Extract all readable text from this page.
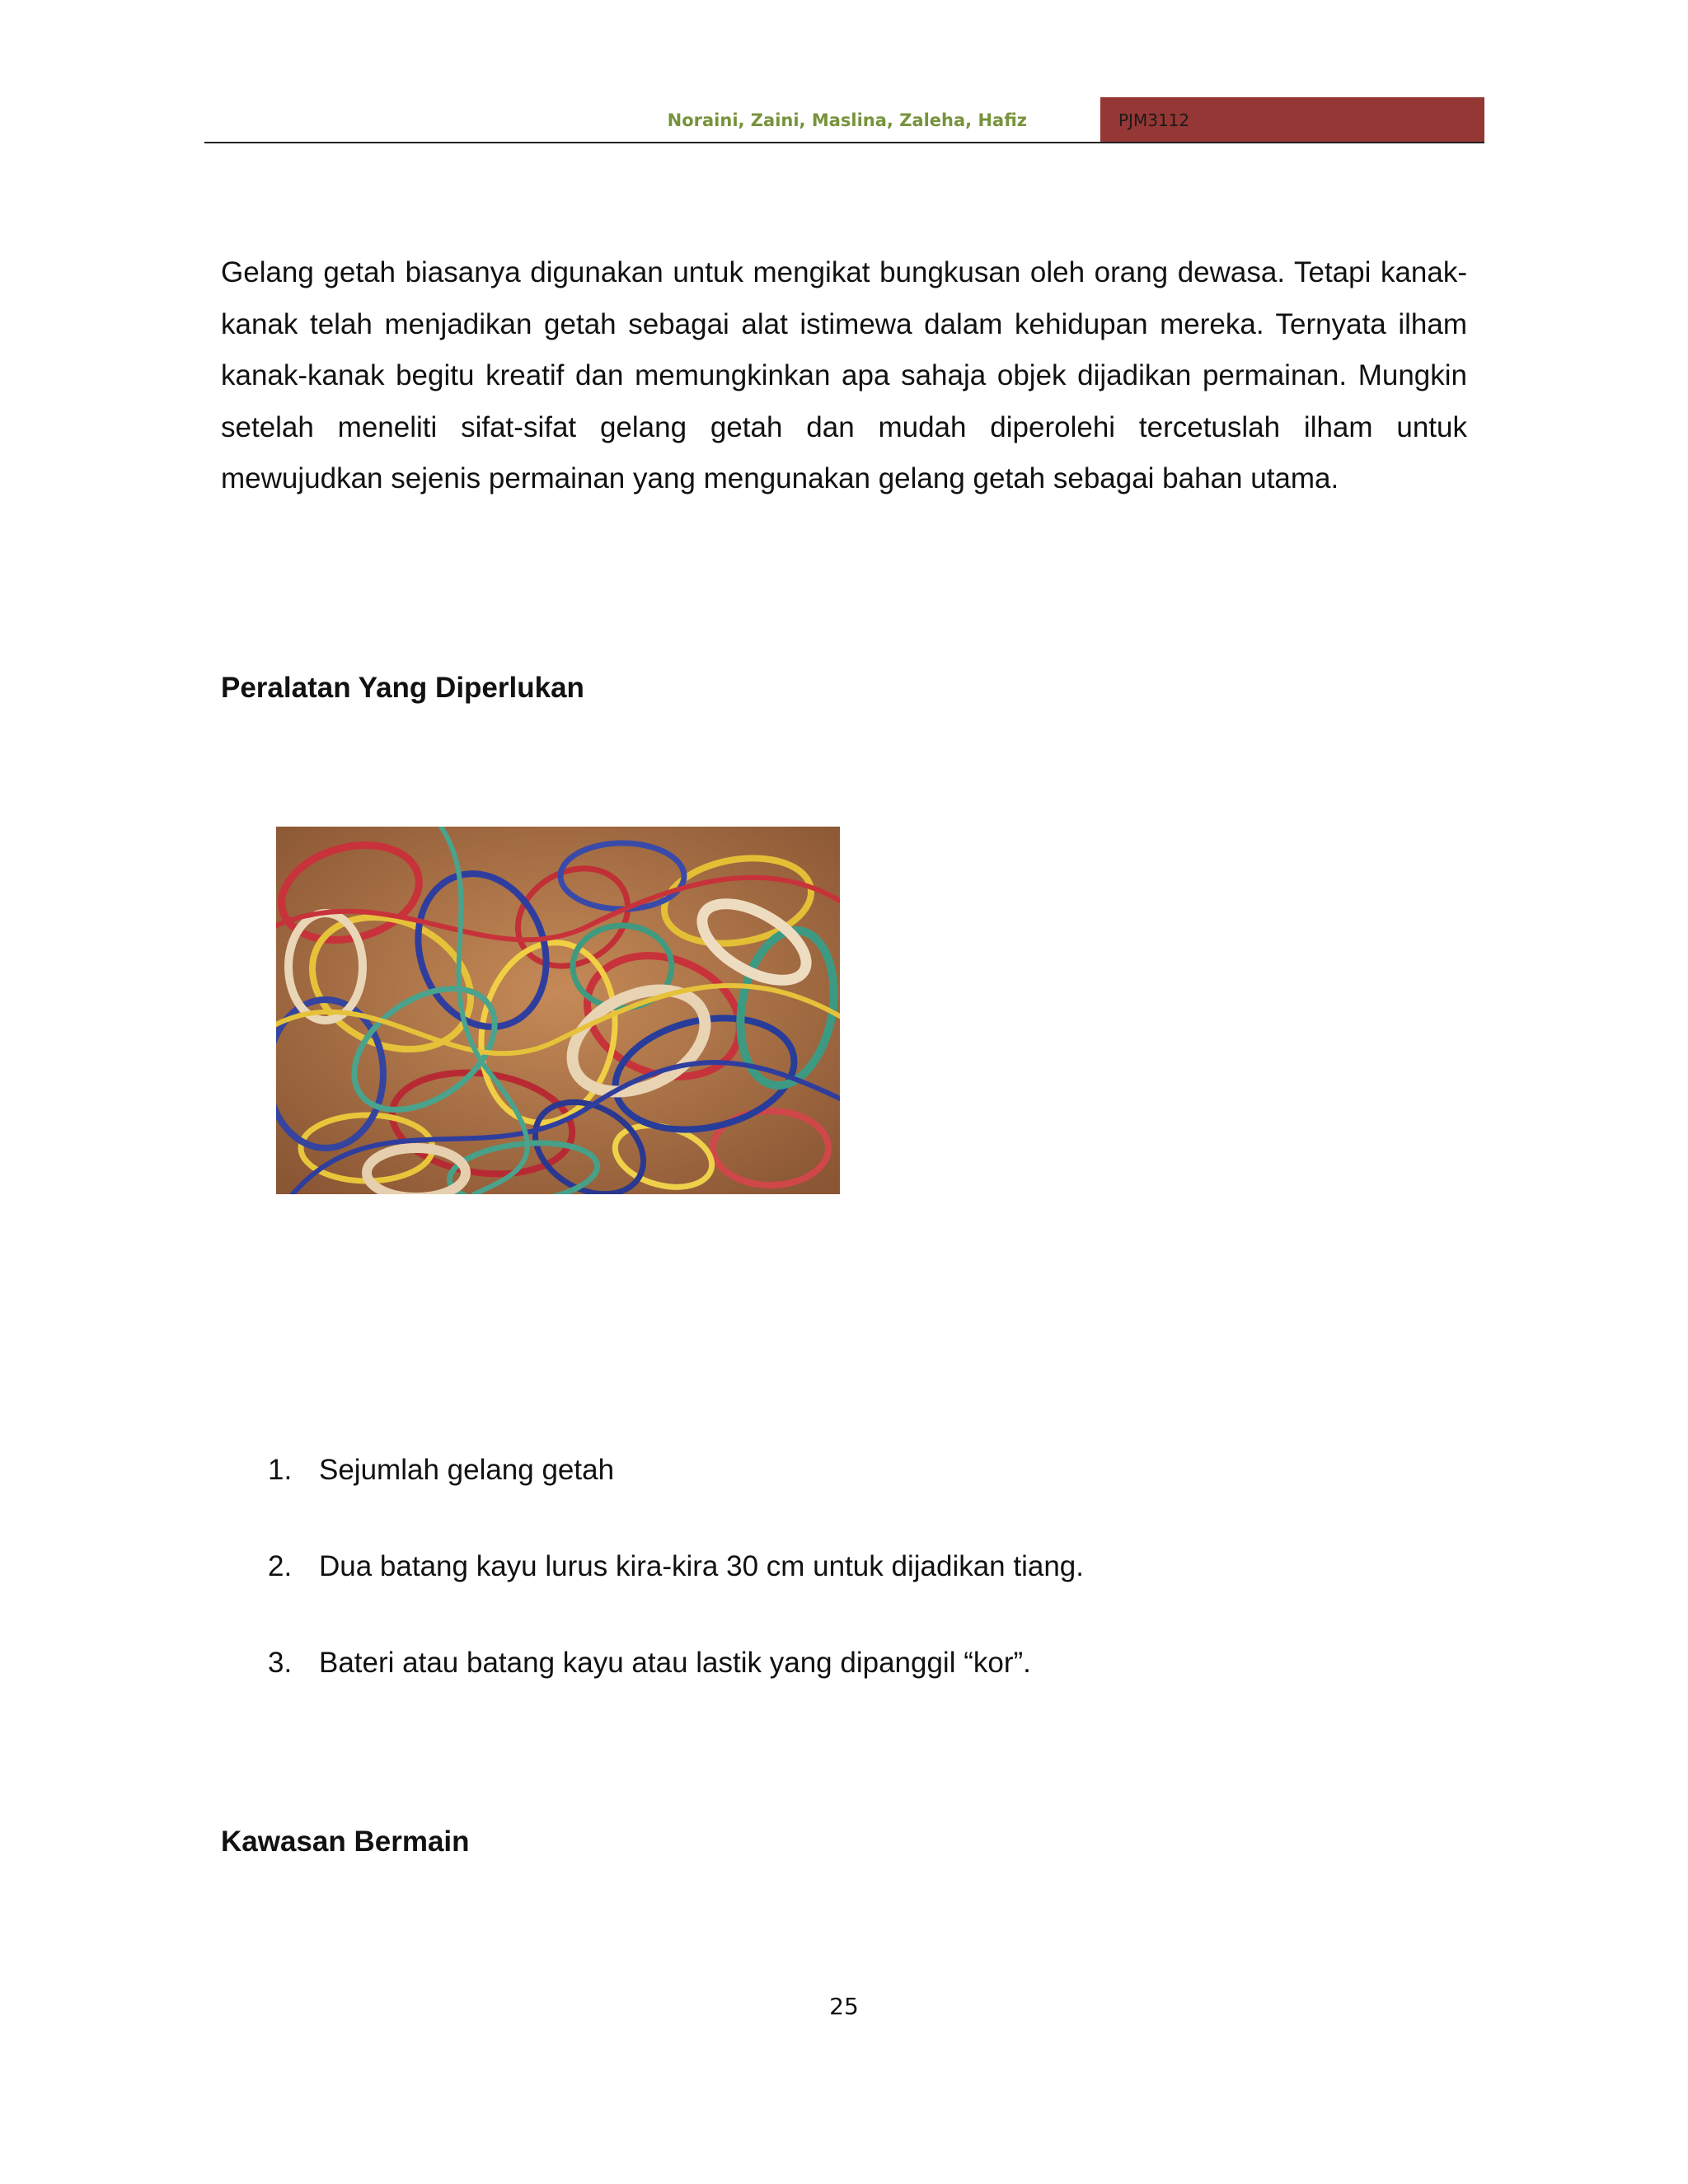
Noraini, Zaini, Maslina, Zaleha, Hafiz	PJM3112

Gelang getah biasanya digunakan untuk mengikat bungkusan oleh orang dewasa. Tetapi kanak-kanak telah menjadikan getah sebagai alat istimewa dalam kehidupan mereka. Ternyata ilham kanak-kanak begitu kreatif dan memungkinkan apa sahaja objek dijadikan permainan. Mungkin setelah meneliti sifat-sifat gelang getah dan mudah diperolehi tercetuslah ilham untuk mewujudkan sejenis permainan yang mengunakan gelang getah sebagai bahan utama.

Peralatan Yang Diperlukan
1. Sejumlah gelang getah
2. Dua batang kayu lurus kira-kira 30 cm untuk dijadikan tiang.
3. Bateri atau batang kayu atau lastik yang dipanggil “kor”.
Kawasan Bermain
25
